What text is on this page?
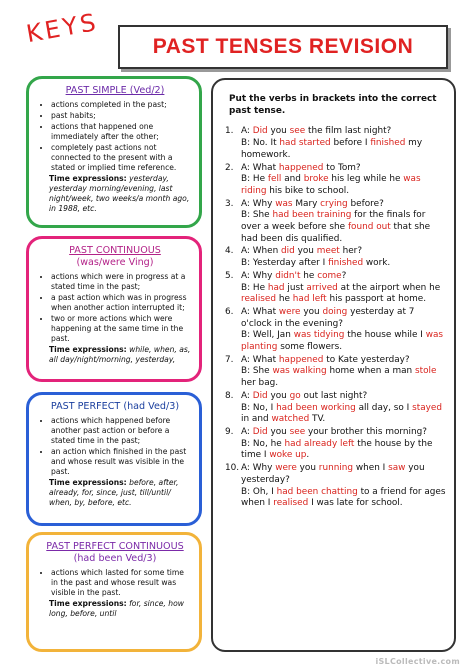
KEYS	PAST TENSES REVISION
PAST SIMPLE (Ved/2)
• actions completed in the past;
• past habits;
• actions that happened one immediately after the other;
• completely past actions not connected to the present with a stated or implied time reference.
Time expressions: yesterday, yesterday morning/evening, last night/week, two weeks/a month ago, in 1988, etc.
PAST CONTINUOUS
(was/were Ving)
• actions which were in progress at a stated time in the past;
• a past action which was in progress when another action interrupted it;
• two or more actions which were happening at the same time in the past.
Time expressions: while, when, as, all day/night/morning, yesterday,
PAST PERFECT (had Ved/3)
• actions which happened before another past action or before a stated time in the past;
• an action which finished in the past and whose result was visible in the past.
Time expressions: before, after, already, for, since, just, till/until/ when, by, before, etc.
PAST PERFECT CONTINUOUS
(had been Ved/3)
• actions which lasted for some time in the past and whose result was visible in the past.
Time expressions: for, since, how long, before, until
Put the verbs in brackets into the correct past tense.
1. A: Did you see the film last night?
B: No. It had started before I finished my homework.
2. A: What happened to Tom?
B: He fell and broke his leg while he was riding his bike to school.
3. A: Why was Mary crying before?
B: She had been training for the finals for over a week before she found out that she had been dis qualified.
4. A: When did you meet her?
B: Yesterday after I finished work.
5. A: Why didn't he come?
B: He had just arrived at the airport when he realised he had left his passport at home.
6. A: What were you doing yesterday at 7 o'clock in the evening?
B: Well, Jan was tidying the house while I was planting some flowers.
7. A: What happened to Kate yesterday?
B: She was walking home when a man stole her bag.
8. A: Did you go out last night?
B: No, I had been working all day, so I stayed in and watched TV.
9. A: Did you see your brother this morning?
B: No, he had already left the house by the time I woke up.
10. A: Why were you running when I saw you yesterday?
B: Oh, I had been chatting to a friend for ages when I realised I was late for school.
iSLCollective.com
